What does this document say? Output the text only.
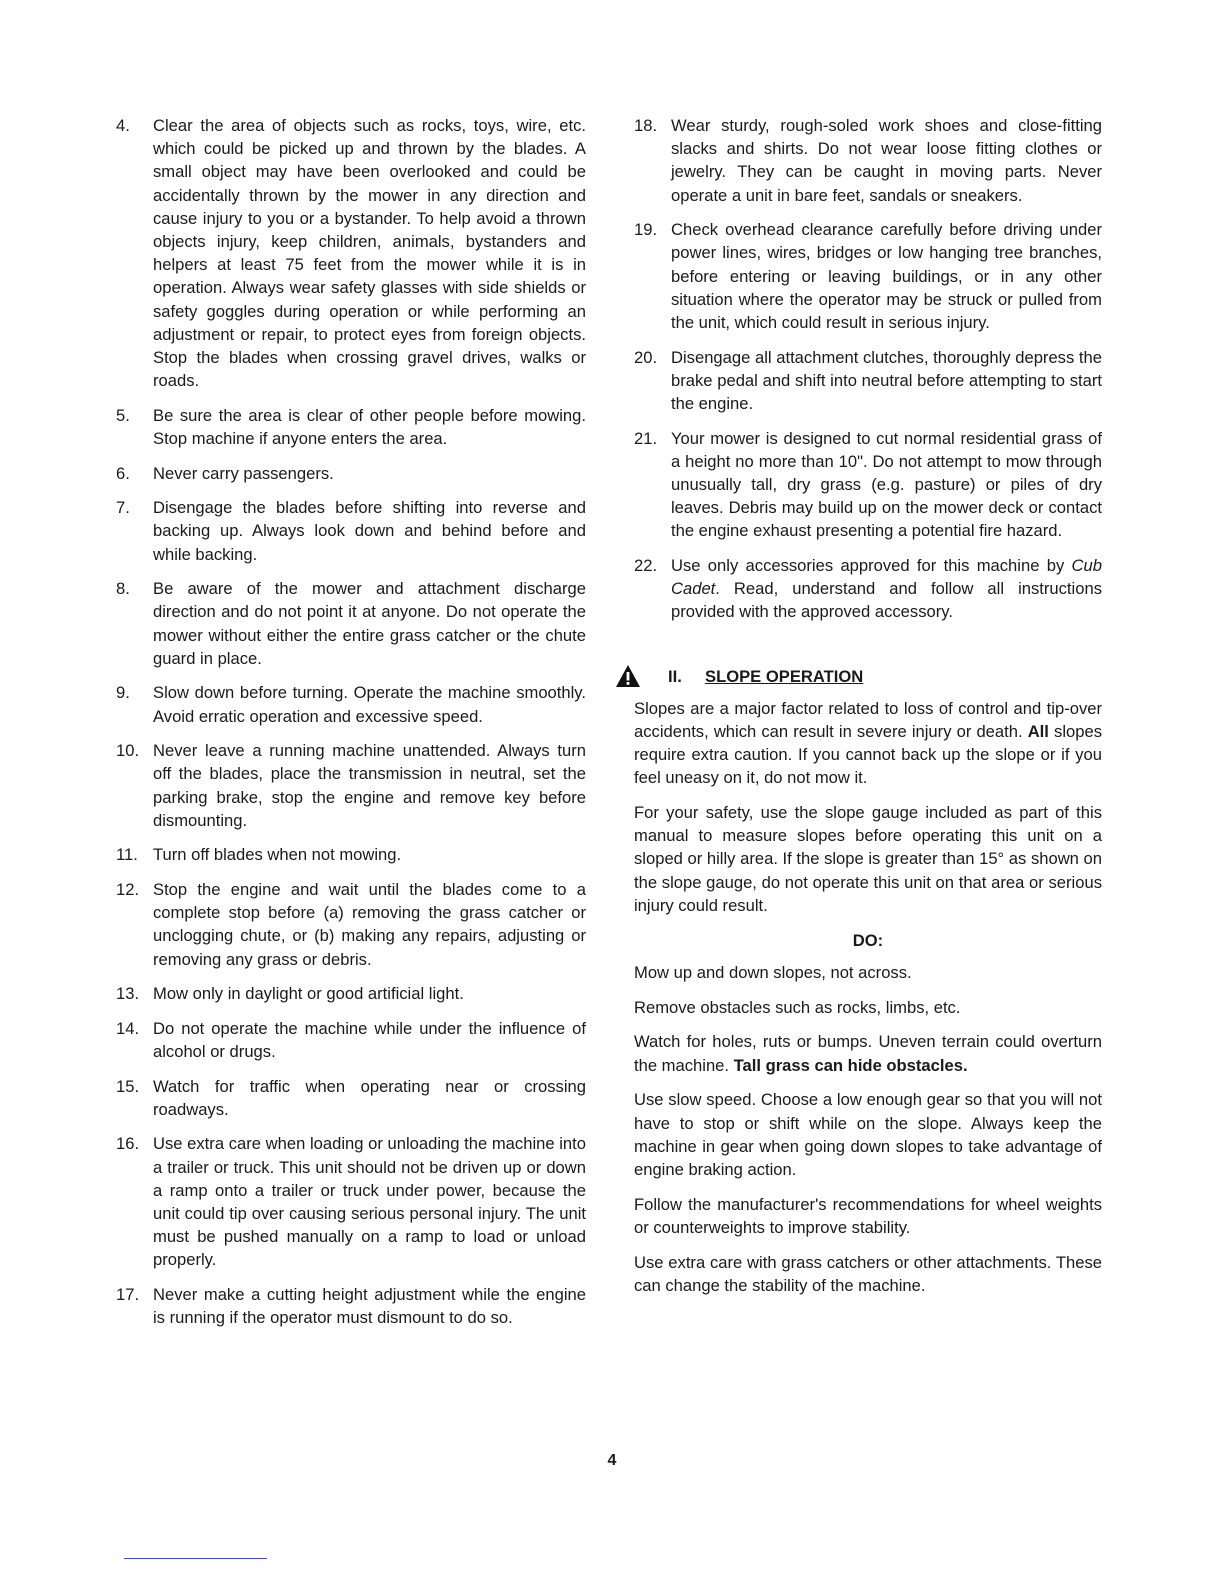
4.	Clear the area of objects such as rocks, toys, wire, etc. which could be picked up and thrown by the blades. A small object may have been overlooked and could be accidentally thrown by the mower in any direction and cause injury to you or a bystander. To help avoid a thrown objects injury, keep children, animals, bystanders and helpers at least 75 feet from the mower while it is in operation. Always wear safety glasses with side shields or safety goggles during operation or while performing an adjustment or repair, to protect eyes from foreign objects. Stop the blades when crossing gravel drives, walks or roads.
5.	Be sure the area is clear of other people before mowing. Stop machine if anyone enters the area.
6.	Never carry passengers.
7.	Disengage the blades before shifting into reverse and backing up. Always look down and behind before and while backing.
8.	Be aware of the mower and attachment discharge direction and do not point it at anyone. Do not operate the mower without either the entire grass catcher or the chute guard in place.
9.	Slow down before turning. Operate the machine smoothly. Avoid erratic operation and excessive speed.
10. Never leave a running machine unattended. Always turn off the blades, place the transmission in neutral, set the parking brake, stop the engine and remove key before dismounting.
11. Turn off blades when not mowing.
12. Stop the engine and wait until the blades come to a complete stop before (a) removing the grass catcher or unclogging chute, or (b) making any repairs, adjusting or removing any grass or debris.
13. Mow only in daylight or good artificial light.
14. Do not operate the machine while under the influence of alcohol or drugs.
15. Watch for traffic when operating near or crossing roadways.
16. Use extra care when loading or unloading the machine into a trailer or truck. This unit should not be driven up or down a ramp onto a trailer or truck under power, because the unit could tip over causing serious personal injury. The unit must be pushed manually on a ramp to load or unload properly.
17. Never make a cutting height adjustment while the engine is running if the operator must dismount to do so.
18. Wear sturdy, rough-soled work shoes and close-fitting slacks and shirts. Do not wear loose fitting clothes or jewelry. They can be caught in moving parts. Never operate a unit in bare feet, sandals or sneakers.
19. Check overhead clearance carefully before driving under power lines, wires, bridges or low hanging tree branches, before entering or leaving buildings, or in any other situation where the operator may be struck or pulled from the unit, which could result in serious injury.
20. Disengage all attachment clutches, thoroughly depress the brake pedal and shift into neutral before attempting to start the engine.
21. Your mower is designed to cut normal residential grass of a height no more than 10". Do not attempt to mow through unusually tall, dry grass (e.g. pasture) or piles of dry leaves. Debris may build up on the mower deck or contact the engine exhaust presenting a potential fire hazard.
22. Use only accessories approved for this machine by Cub Cadet. Read, understand and follow all instructions provided with the approved accessory.
II. SLOPE OPERATION

Slopes are a major factor related to loss of control and tip-over accidents, which can result in severe injury or death. All slopes require extra caution. If you cannot back up the slope or if you feel uneasy on it, do not mow it.

For your safety, use the slope gauge included as part of this manual to measure slopes before operating this unit on a sloped or hilly area. If the slope is greater than 15° as shown on the slope gauge, do not operate this unit on that area or serious injury could result.

DO:

Mow up and down slopes, not across.

Remove obstacles such as rocks, limbs, etc.

Watch for holes, ruts or bumps. Uneven terrain could overturn the machine. Tall grass can hide obstacles.

Use slow speed. Choose a low enough gear so that you will not have to stop or shift while on the slope. Always keep the machine in gear when going down slopes to take advantage of engine braking action.

Follow the manufacturer's recommendations for wheel weights or counterweights to improve stability.

Use extra care with grass catchers or other attachments. These can change the stability of the machine.

4
